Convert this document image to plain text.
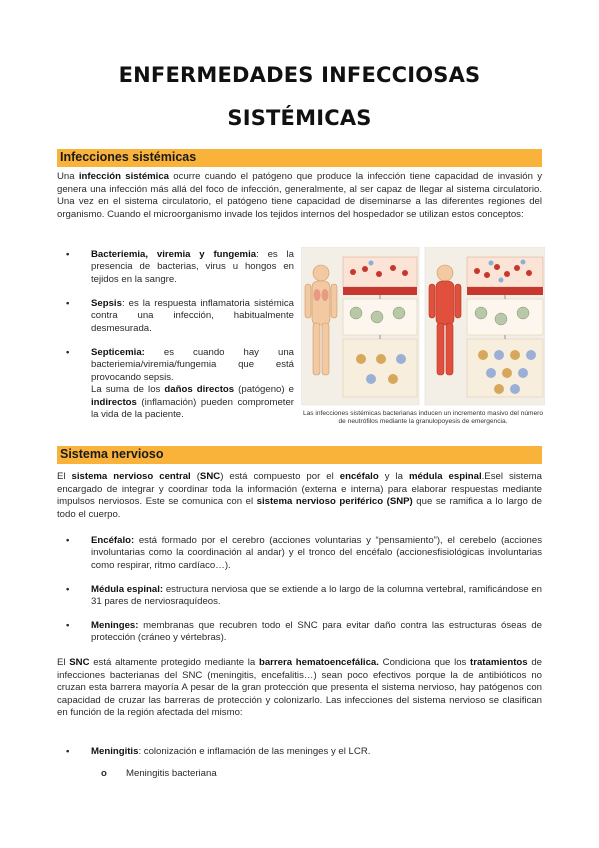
ENFERMEDADES INFECCIOSAS
SISTÉMICAS
Infecciones sistémicas
Una infección sistémica ocurre cuando el patógeno que produce la infección tiene capacidad de invasión y genera una infección más allá del foco de infección, generalmente, al ser capaz de llegar al sistema circulatorio. Una vez en el sistema circulatorio, el patógeno tiene capacidad de diseminarse a las diferentes regiones del organismo. Cuando el microorganismo invade los tejidos internos del hospedador se utilizan estos conceptos:
• Bacteriemia, viremia y fungemia: es la presencia de bacterias, virus u hongos en tejidos en la sangre.
• Sepsis: es la respuesta inflamatoria sistémica contra una infección, habitualmente desmesurada.
• Septicemia: es cuando hay una bacteriemia/viremia/fungemia que está provocando sepsis.
La suma de los daños directos (patógeno) e indirectos (inflamación) pueden comprometer la vida de la paciente.	Las infecciones sistémicas bacterianas inducen un incremento masivo del número de neutrófilos mediante la granulopoyesis de emergencia.
Sistema nervioso
El sistema nervioso central (SNC) está compuesto por el encéfalo y la médula espinal.Esel sistema encargado de integrar y coordinar toda la información (externa e interna) para elaborar respuestas mediante impulsos nerviosos. Este se comunica con el sistema nervioso periférico (SNP) que se ramifica a lo largo de todo el cuerpo.
• Encéfalo: está formado por el cerebro (acciones voluntarias y “pensamiento”), el cerebelo (acciones involuntarias como la coordinación al andar) y el tronco del encéfalo (accionesfisiológicas involuntarias como respirar, ritmo cardíaco…).
• Médula espinal: estructura nerviosa que se extiende a lo largo de la columna vertebral, ramificándose en 31 pares de nerviosraquídeos.
• Meninges: membranas que recubren todo el SNC para evitar daño contra las estructuras óseas de protección (cráneo y vértebras).
El SNC está altamente protegido mediante la barrera hematoencefálica. Condiciona que los tratamientos de infecciones bacterianas del SNC (meningitis, encefalitis…) sean poco efectivos porque la de antibióticos no cruzan esta barrera mayoría A pesar de la gran protección que presenta el sistema nervioso, hay patógenos con capacidad de cruzar las barreras de protección y colonizarlo. Las infecciones del sistema nervioso se clasifican en función de la región afectada del mismo:
• Meningitis: colonización e inflamación de las meninges y el LCR.
o Meningitis bacteriana
